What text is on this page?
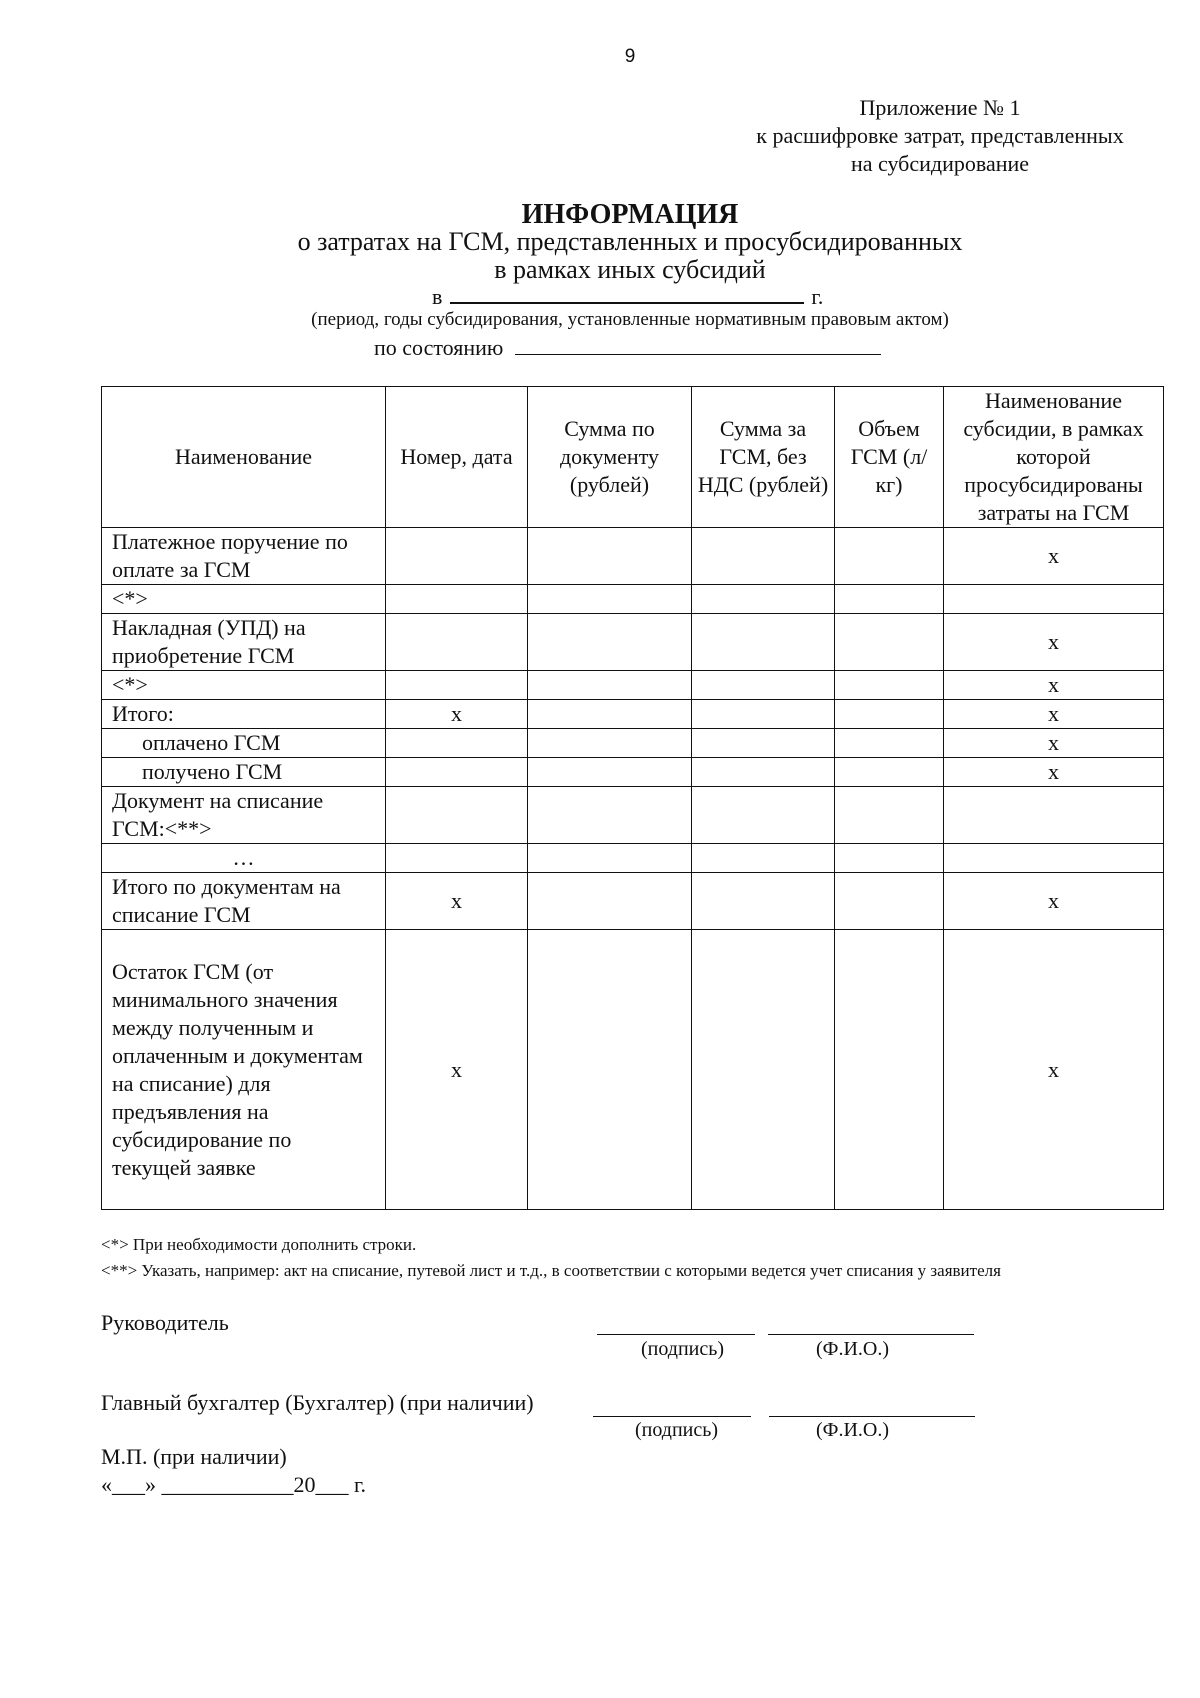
9
Приложение № 1
к расшифровке затрат, представленных
на субсидирование
ИНФОРМАЦИЯ
о затратах на ГСМ, представленных и просубсидированных
в рамках иных субсидий
в	г.
(период, годы субсидирования, установленные нормативным правовым актом)
по состоянию
Наименование	Номер, дата	Сумма по документу (рублей)	Сумма за ГСМ, без НДС (рублей)	Объем ГСМ (л/кг)	Наименование субсидии, в рамках которой просубсидированы затраты на ГСМ
Платежное поручение по оплате за ГСМ					х
<*>					
Накладная (УПД) на приобретение ГСМ					х
<*>					х
Итого:	х				х
оплачено ГСМ					х
получено ГСМ					х
Документ на списание ГСМ:<**>					
…					
Итого по документам на списание ГСМ	х				х
Остаток ГСМ (от минимального значения между полученным и оплаченным и документам на списание) для предъявления на субсидирование по текущей заявке	х				х
<*> При необходимости дополнить строки.
<**> Указать, например: акт на списание, путевой лист и т.д., в соответствии с которыми ведется учет списания у заявителя
Руководитель
(подпись)	(Ф.И.О.)
Главный бухгалтер (Бухгалтер) (при наличии)
(подпись)	(Ф.И.О.)
М.П. (при наличии)
«___» ____________20___ г.
